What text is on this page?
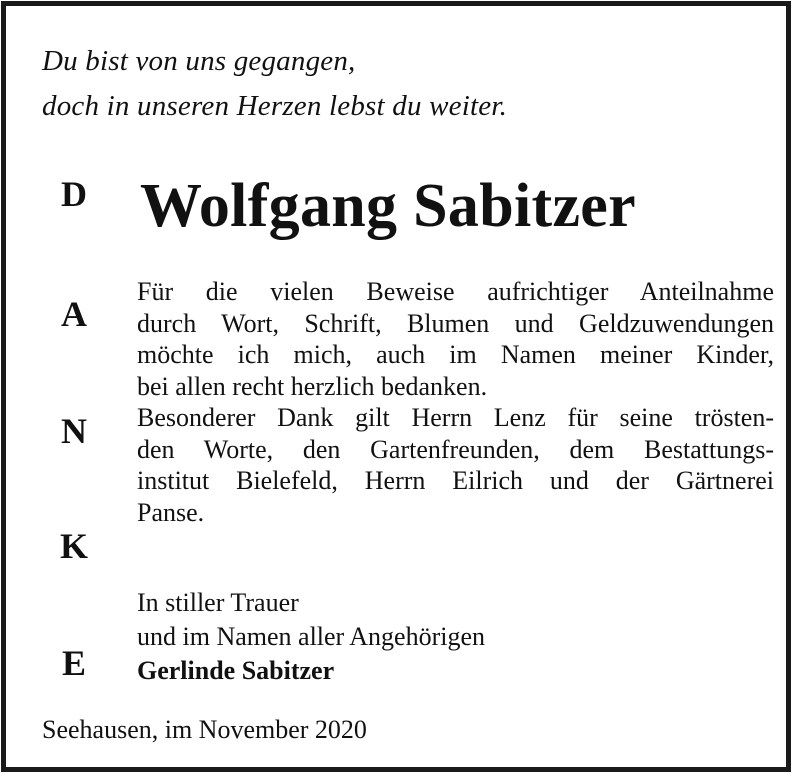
Du bist von uns gegangen,
doch in unseren Herzen lebst du weiter.
D
A
N
K
E
Wolfgang Sabitzer
Für die vielen Beweise aufrichtiger Anteilnahme
durch Wort, Schrift, Blumen und Geldzuwendungen
möchte ich mich, auch im Namen meiner Kinder,
bei allen recht herzlich bedanken.
Besonderer Dank gilt Herrn Lenz für seine trösten-
den Worte, den Gartenfreunden, dem Bestattungs-
institut Bielefeld, Herrn Eilrich und der Gärtnerei
Panse.
In stiller Trauer
und im Namen aller Angehörigen
Gerlinde Sabitzer
Seehausen, im November 2020
